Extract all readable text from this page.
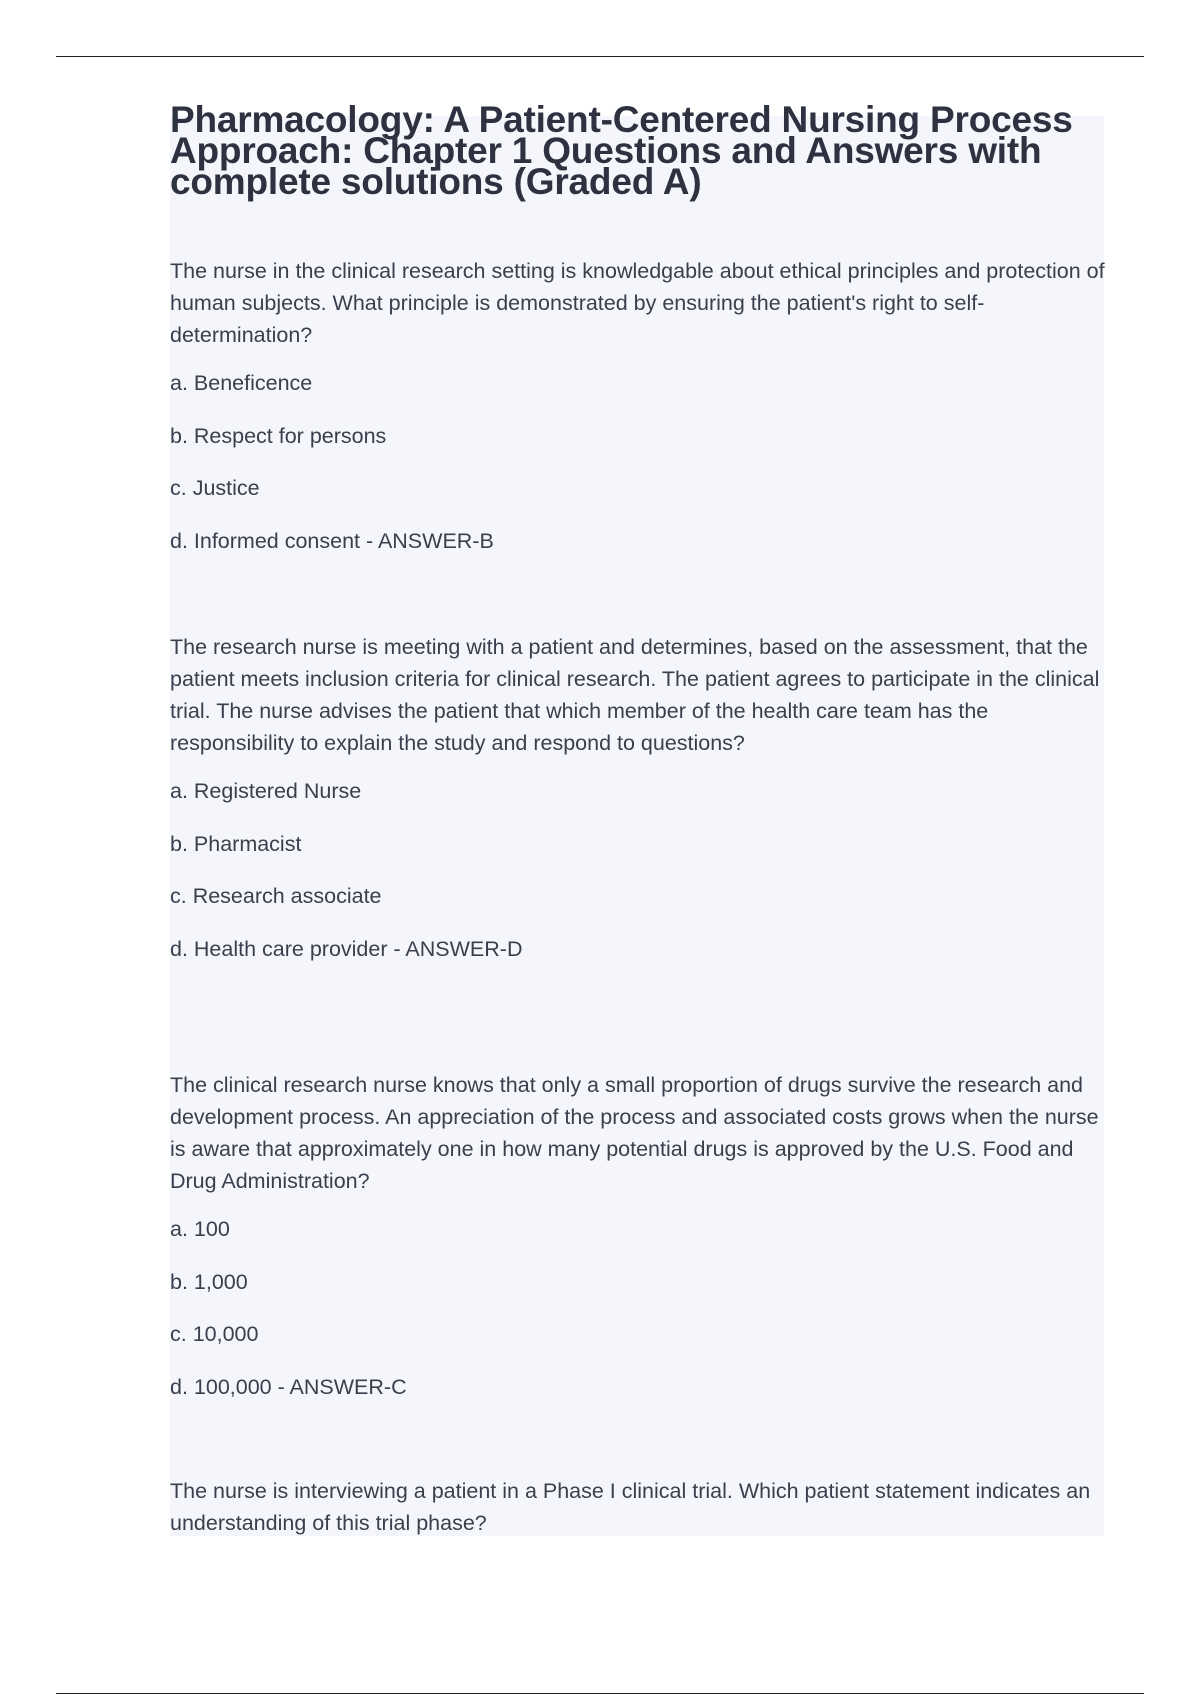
Pharmacology: A Patient-Centered Nursing Process Approach: Chapter 1 Questions and Answers with complete solutions (Graded A)

The nurse in the clinical research setting is knowledgable about ethical principles and protection of human subjects. What principle is demonstrated by ensuring the patient's right to self-determination?

a. Beneficence

b. Respect for persons

c. Justice

d. Informed consent - ANSWER-B

The research nurse is meeting with a patient and determines, based on the assessment, that the patient meets inclusion criteria for clinical research. The patient agrees to participate in the clinical trial. The nurse advises the patient that which member of the health care team has the responsibility to explain the study and respond to questions?

a. Registered Nurse

b. Pharmacist

c. Research associate

d. Health care provider - ANSWER-D

The clinical research nurse knows that only a small proportion of drugs survive the research and development process. An appreciation of the process and associated costs grows when the nurse is aware that approximately one in how many potential drugs is approved by the U.S. Food and Drug Administration?

a. 100

b. 1,000

c. 10,000

d. 100,000 - ANSWER-C

The nurse is interviewing a patient in a Phase I clinical trial. Which patient statement indicates an understanding of this trial phase?
